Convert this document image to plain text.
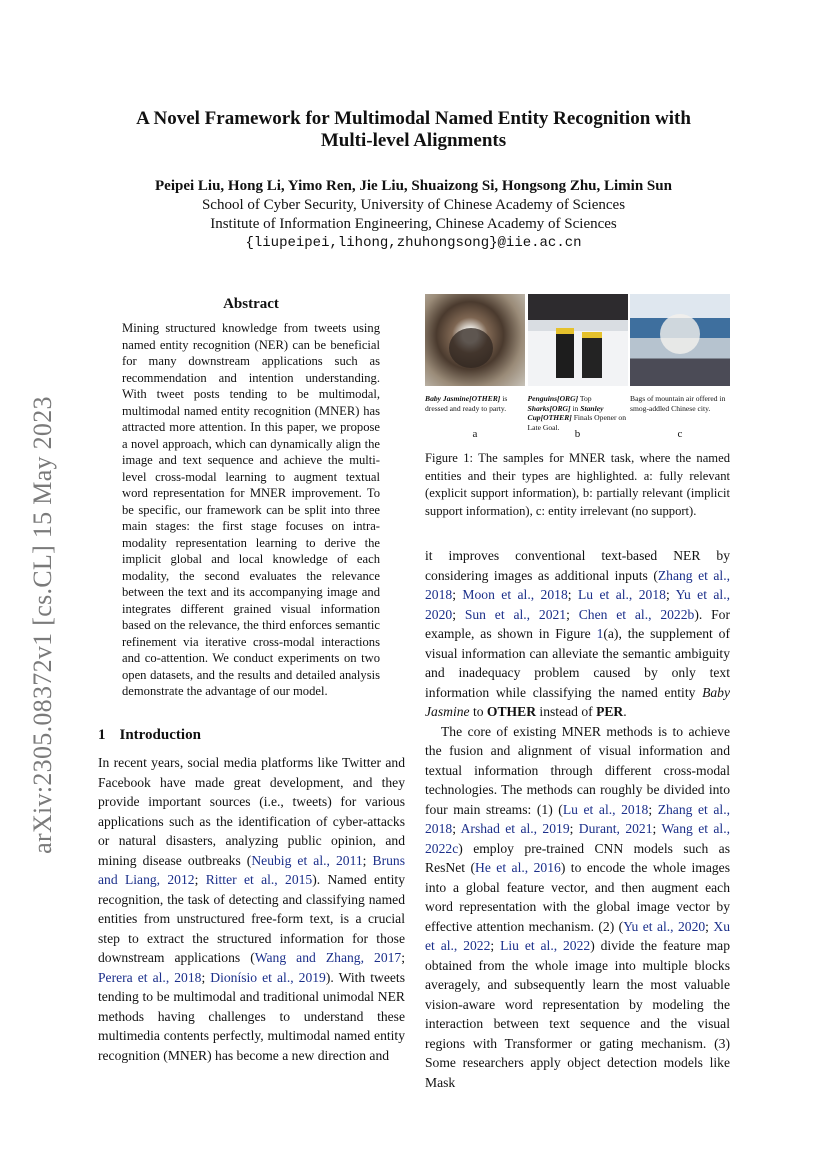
arXiv:2305.08372v1 [cs.CL] 15 May 2023
A Novel Framework for Multimodal Named Entity Recognition with
Multi-level Alignments
Peipei Liu, Hong Li, Yimo Ren, Jie Liu, Shuaizong Si, Hongsong Zhu, Limin Sun
School of Cyber Security, University of Chinese Academy of Sciences
Institute of Information Engineering, Chinese Academy of Sciences
{liupeipei,lihong,zhuhongsong}@iie.ac.cn
Abstract
Mining structured knowledge from tweets using named entity recognition (NER) can be beneficial for many downstream applications such as recommendation and intention understanding. With tweet posts tending to be multimodal, multimodal named entity recognition (MNER) has attracted more attention. In this paper, we propose a novel approach, which can dynamically align the image and text sequence and achieve the multi-level cross-modal learning to augment textual word representation for MNER improvement. To be specific, our framework can be split into three main stages: the first stage focuses on intra-modality representation learning to derive the implicit global and local knowledge of each modality, the second evaluates the relevance between the text and its accompanying image and integrates different grained visual information based on the relevance, the third enforces semantic refinement via iterative cross-modal interactions and co-attention. We conduct experiments on two open datasets, and the results and detailed analysis demonstrate the advantage of our model.
1 Introduction
In recent years, social media platforms like Twitter and Facebook have made great development, and they provide important sources (i.e., tweets) for various applications such as the identification of cyber-attacks or natural disasters, analyzing public opinion, and mining disease outbreaks (Neubig et al., 2011; Bruns and Liang, 2012; Ritter et al., 2015). Named entity recognition, the task of detecting and classifying named entities from unstructured free-form text, is a crucial step to extract the structured information for those downstream applications (Wang and Zhang, 2017; Perera et al., 2018; Dionísio et al., 2019). With tweets tending to be multimodal and traditional unimodal NER methods having challenges to understand these multimedia contents perfectly, multimodal named entity recognition (MNER) has become a new direction and
Baby Jasmine[OTHER] is dressed and ready to party.
a
Penguins[ORG] Top Sharks[ORG] in Stanley Cup[OTHER] Finals Opener on Late Goal.
b
Bags of mountain air offered in smog-addled Chinese city.
c
Figure 1: The samples for MNER task, where the named entities and their types are highlighted. a: fully relevant (explicit support information), b: partially relevant (implicit support information), c: entity irrelevant (no support).

it improves conventional text-based NER by considering images as additional inputs (Zhang et al., 2018; Moon et al., 2018; Lu et al., 2018; Yu et al., 2020; Sun et al., 2021; Chen et al., 2022b). For example, as shown in Figure 1(a), the supplement of visual information can alleviate the semantic ambiguity and inadequacy problem caused by only text information while classifying the named entity Baby Jasmine to OTHER instead of PER.

The core of existing MNER methods is to achieve the fusion and alignment of visual information and textual information through different cross-modal technologies. The methods can roughly be divided into four main streams: (1) (Lu et al., 2018; Zhang et al., 2018; Arshad et al., 2019; Durant, 2021; Wang et al., 2022c) employ pre-trained CNN models such as ResNet (He et al., 2016) to encode the whole images into a global feature vector, and then augment each word representation with the global image vector by effective attention mechanism. (2) (Yu et al., 2020; Xu et al., 2022; Liu et al., 2022) divide the feature map obtained from the whole image into multiple blocks averagely, and subsequently learn the most valuable vision-aware word representation by modeling the interaction between text sequence and the visual regions with Transformer or gating mechanism. (3) Some researchers apply object detection models like Mask
